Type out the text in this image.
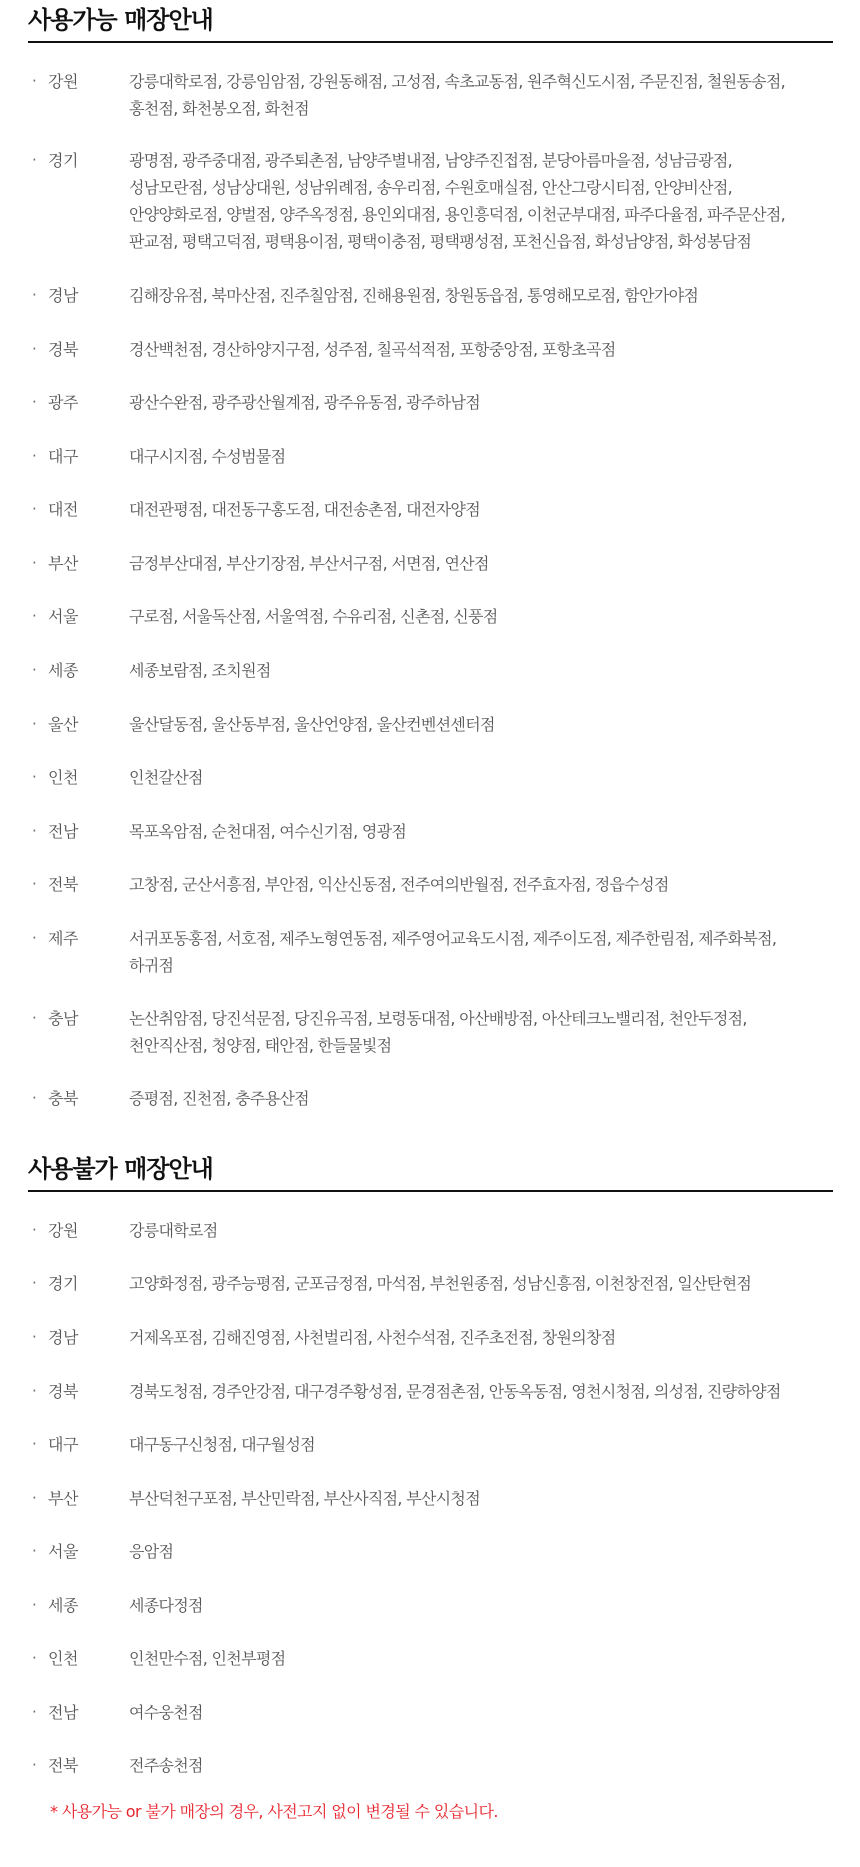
사용가능 매장안내
· 강원	강릉대학로점, 강릉임암점, 강원동해점, 고성점, 속초교동점, 원주혁신도시점, 주문진점, 철원동송점,
홍천점, 화천봉오점, 화천점
· 경기	광명점, 광주중대점, 광주퇴촌점, 남양주별내점, 남양주진접점, 분당아름마을점, 성남금광점,
성남모란점, 성남상대원, 성남위례점, 송우리점, 수원호매실점, 안산그랑시티점, 안양비산점,
안양양화로점, 양벌점, 양주옥정점, 용인외대점, 용인흥덕점, 이천군부대점, 파주다율점, 파주문산점,
판교점, 평택고덕점, 평택용이점, 평택이충점, 평택팽성점, 포천신읍점, 화성남양점, 화성봉담점
· 경남	김해장유점, 북마산점, 진주칠암점, 진해용원점, 창원동읍점, 통영해모로점, 함안가야점
· 경북	경산백천점, 경산하양지구점, 성주점, 칠곡석적점, 포항중앙점, 포항초곡점
· 광주	광산수완점, 광주광산월계점, 광주유동점, 광주하남점
· 대구	대구시지점, 수성범물점
· 대전	대전관평점, 대전동구홍도점, 대전송촌점, 대전자양점
· 부산	금정부산대점, 부산기장점, 부산서구점, 서면점, 연산점
· 서울	구로점, 서울독산점, 서울역점, 수유리점, 신촌점, 신풍점
· 세종	세종보람점, 조치원점
· 울산	울산달동점, 울산동부점, 울산언양점, 울산컨벤션센터점
· 인천	인천갈산점
· 전남	목포옥암점, 순천대점, 여수신기점, 영광점
· 전북	고창점, 군산서흥점, 부안점, 익산신동점, 전주여의반월점, 전주효자점, 정읍수성점
· 제주	서귀포동홍점, 서호점, 제주노형연동점, 제주영어교육도시점, 제주이도점, 제주한림점, 제주화북점,
하귀점
· 충남	논산취암점, 당진석문점, 당진유곡점, 보령동대점, 아산배방점, 아산테크노밸리점, 천안두정점,
천안직산점, 청양점, 태안점, 한들물빛점
· 충북	증평점, 진천점, 충주용산점
사용불가 매장안내
· 강원	강릉대학로점
· 경기	고양화정점, 광주능평점, 군포금정점, 마석점, 부천원종점, 성남신흥점, 이천창전점, 일산탄현점
· 경남	거제옥포점, 김해진영점, 사천벌리점, 사천수석점, 진주초전점, 창원의창점
· 경북	경북도청점, 경주안강점, 대구경주황성점, 문경점촌점, 안동옥동점, 영천시청점, 의성점, 진량하양점
· 대구	대구동구신청점, 대구월성점
· 부산	부산덕천구포점, 부산민락점, 부산사직점, 부산시청점
· 서울	응암점
· 세종	세종다정점
· 인천	인천만수점, 인천부평점
· 전남	여수웅천점
· 전북	전주송천점
* 사용가능 or 불가 매장의 경우, 사전고지 없이 변경될 수 있습니다.
